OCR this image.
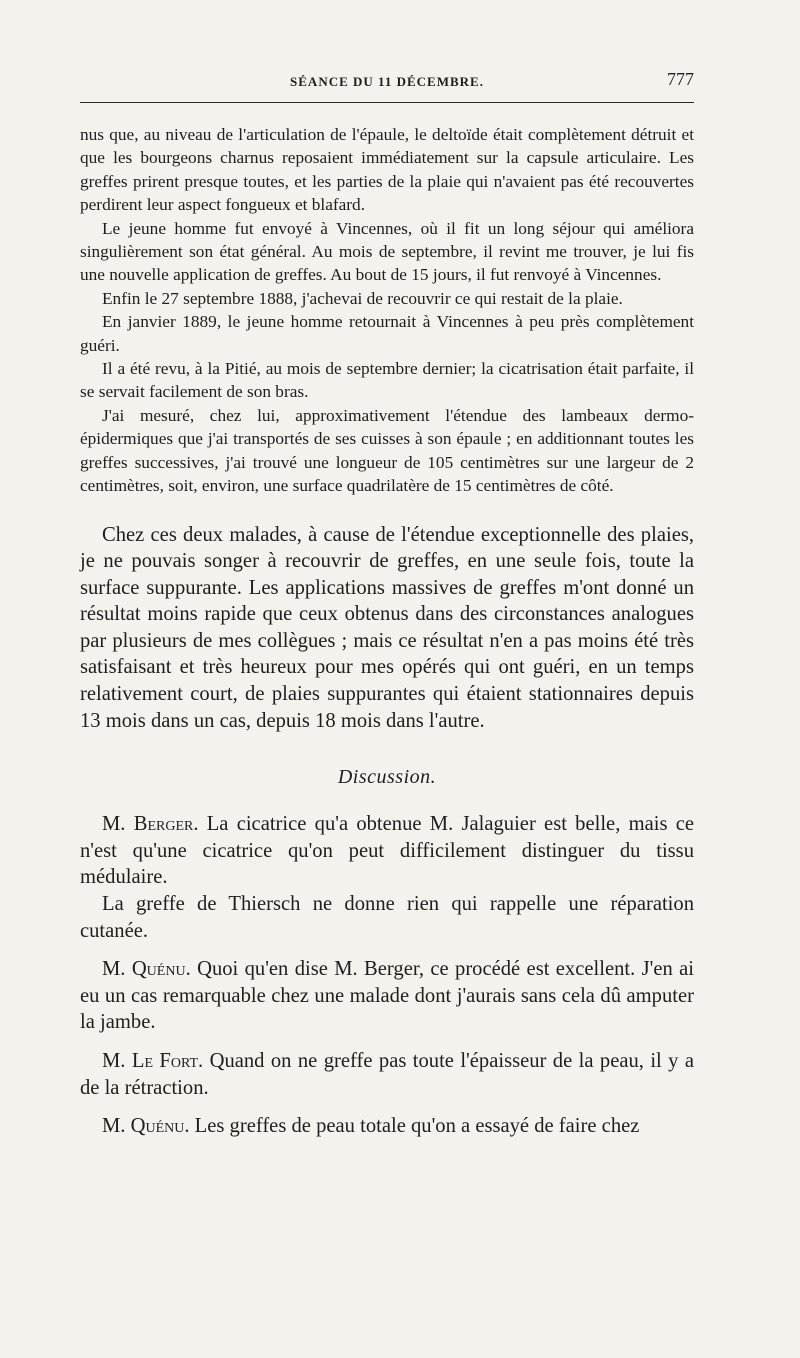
SÉANCE DU 11 DÉCEMBRE.	777

nus que, au niveau de l'articulation de l'épaule, le deltoïde était complètement détruit et que les bourgeons charnus reposaient immédiatement sur la capsule articulaire. Les greffes prirent presque toutes, et les parties de la plaie qui n'avaient pas été recouvertes perdirent leur aspect fongueux et blafard.

Le jeune homme fut envoyé à Vincennes, où il fit un long séjour qui améliora singulièrement son état général. Au mois de septembre, il revint me trouver, je lui fis une nouvelle application de greffes. Au bout de 15 jours, il fut renvoyé à Vincennes.

Enfin le 27 septembre 1888, j'achevai de recouvrir ce qui restait de la plaie.

En janvier 1889, le jeune homme retournait à Vincennes à peu près complètement guéri.

Il a été revu, à la Pitié, au mois de septembre dernier; la cicatrisation était parfaite, il se servait facilement de son bras.

J'ai mesuré, chez lui, approximativement l'étendue des lambeaux dermo-épidermiques que j'ai transportés de ses cuisses à son épaule ; en additionnant toutes les greffes successives, j'ai trouvé une longueur de 105 centimètres sur une largeur de 2 centimètres, soit, environ, une surface quadrilatère de 15 centimètres de côté.

Chez ces deux malades, à cause de l'étendue exceptionnelle des plaies, je ne pouvais songer à recouvrir de greffes, en une seule fois, toute la surface suppurante. Les applications massives de greffes m'ont donné un résultat moins rapide que ceux obtenus dans des circonstances analogues par plusieurs de mes collègues ; mais ce résultat n'en a pas moins été très satisfaisant et très heureux pour mes opérés qui ont guéri, en un temps relativement court, de plaies suppurantes qui étaient stationnaires depuis 13 mois dans un cas, depuis 18 mois dans l'autre.

Discussion.

M. Berger. La cicatrice qu'a obtenue M. Jalaguier est belle, mais ce n'est qu'une cicatrice qu'on peut difficilement distinguer du tissu médulaire.

La greffe de Thiersch ne donne rien qui rappelle une réparation cutanée.

M. Quénu. Quoi qu'en dise M. Berger, ce procédé est excellent. J'en ai eu un cas remarquable chez une malade dont j'aurais sans cela dû amputer la jambe.

M. Le Fort. Quand on ne greffe pas toute l'épaisseur de la peau, il y a de la rétraction.

M. Quénu. Les greffes de peau totale qu'on a essayé de faire chez
